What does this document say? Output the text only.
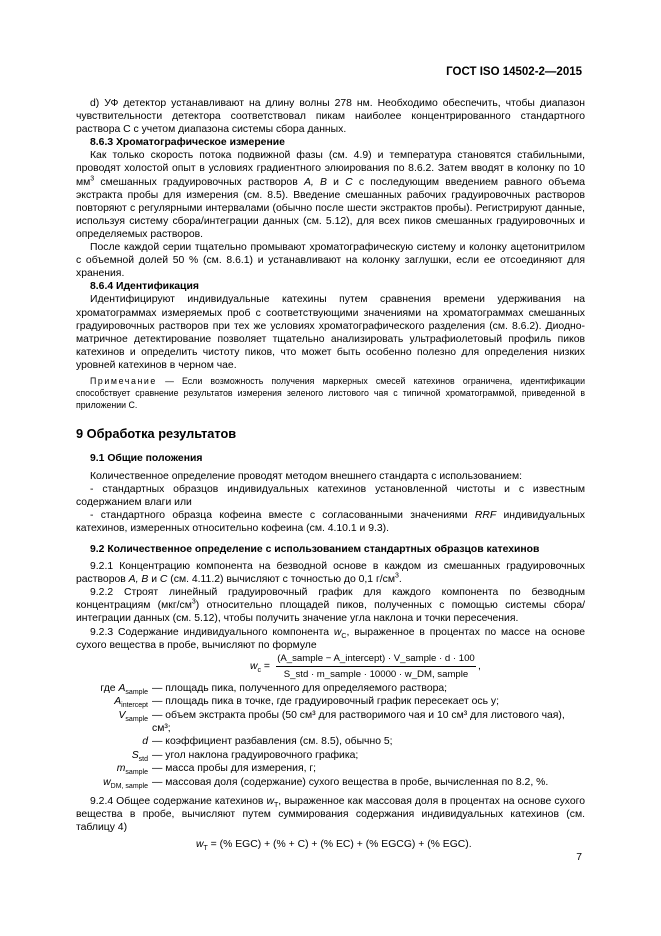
ГОСТ ISO 14502-2—2015

d) УФ детектор устанавливают на длину волны 278 нм. Необходимо обеспечить, чтобы диапазон чувствительности детектора соответствовал пикам наиболее концентрированного стандартного раствора С с учетом диапазона системы сбора данных.

8.6.3 Хроматографическое измерение

Как только скорость потока подвижной фазы (см. 4.9) и температура становятся стабильными, проводят холостой опыт в условиях градиентного элюирования по 8.6.2. Затем вводят в колонку по 10 $мм^3$ смешанных градуировочных растворов А, В и С с последующим введением равного объема экстракта пробы для измерения (см. 8.5). Введение смешанных рабочих градуировочных растворов повторяют с регулярными интервалами (обычно после шести экстрактов пробы). Регистрируют данные, используя систему сбора/интеграции данных (см. 5.12), для всех пиков смешанных градуировочных и определяемых растворов.

После каждой серии тщательно промывают хроматографическую систему и колонку ацетонитрилом с объемной долей 50 % (см. 8.6.1) и устанавливают на колонку заглушки, если ее отсоединяют для хранения.

8.6.4 Идентификация

Идентифицируют индивидуальные катехины путем сравнения времени удерживания на хроматограммах измеряемых проб с соответствующими значениями на хроматограммах смешанных градуировочных растворов при тех же условиях хроматографического разделения (см. 8.6.2). Диодно-матричное детектирование позволяет тщательно анализировать ультрафиолетовый профиль пиков катехинов и определить чистоту пиков, что может быть особенно полезно для определения низких уровней катехинов в черном чае.

Примечание — Если возможность получения маркерных смесей катехинов ограничена, идентификации способствует сравнение результатов измерения зеленого листового чая с типичной хроматограммой, приведенной в приложении С.

9 Обработка результатов

9.1 Общие положения

Количественное определение проводят методом внешнего стандарта с использованием:

- стандартных образцов индивидуальных катехинов установленной чистоты и с известным содержанием влаги или

- стандартного образца кофеина вместе с согласованными значениями RRF индивидуальных катехинов, измеренных относительно кофеина (см. 4.10.1 и 9.3).

9.2 Количественное определение с использованием стандартных образцов катехинов

9.2.1 Концентрацию компонента на безводной основе в каждом из смешанных градуировочных растворов А, В и С (см. 4.11.2) вычисляют с точностью до 0,1 $г/см^3$.

9.2.2 Строят линейный градуировочный график для каждого компонента по безводным концентрациям $(мкг/см^3)$ относительно площадей пиков, полученных с помощью системы сбора/интеграции данных (см. 5.12), чтобы получить значение угла наклона и точки пересечения.

9.2.3 Содержание индивидуального компонента $w_C$, выраженное в процентах по массе на основе сухого вещества в пробе, вычисляют по формуле

$w_c$ =
(A_sample − A_intercept) · V_sample · d · 100
S_std · m_sample · 10000 · w_DM, sample
,
где $A_{sample}$ — площадь пика, полученного для определяемого раствора;
$A_{intercept}$ — площадь пика в точке, где градуировочный график пересекает ось y;
$V_{sample}$ — объем экстракта пробы (50 см³ для растворимого чая и 10 см³ для листового чая), см³;
d — коэффициент разбавления (см. 8.5), обычно 5;
$S_{std}$ — угол наклона градуировочного графика;
$m_{sample}$ — масса пробы для измерения, г;
$w_{DM, sample}$ — массовая доля (содержание) сухого вещества в пробе, вычисленная по 8.2, %.

9.2.4 Общее содержание катехинов $w_T$, выраженное как массовая доля в процентах на основе сухого вещества в пробе, вычисляют путем суммирования содержания индивидуальных катехинов (см. таблицу 4)

$w_T$ = (% EGC) + (% + C) + (% EC) + (% EGCG) + (% EGC).

7
